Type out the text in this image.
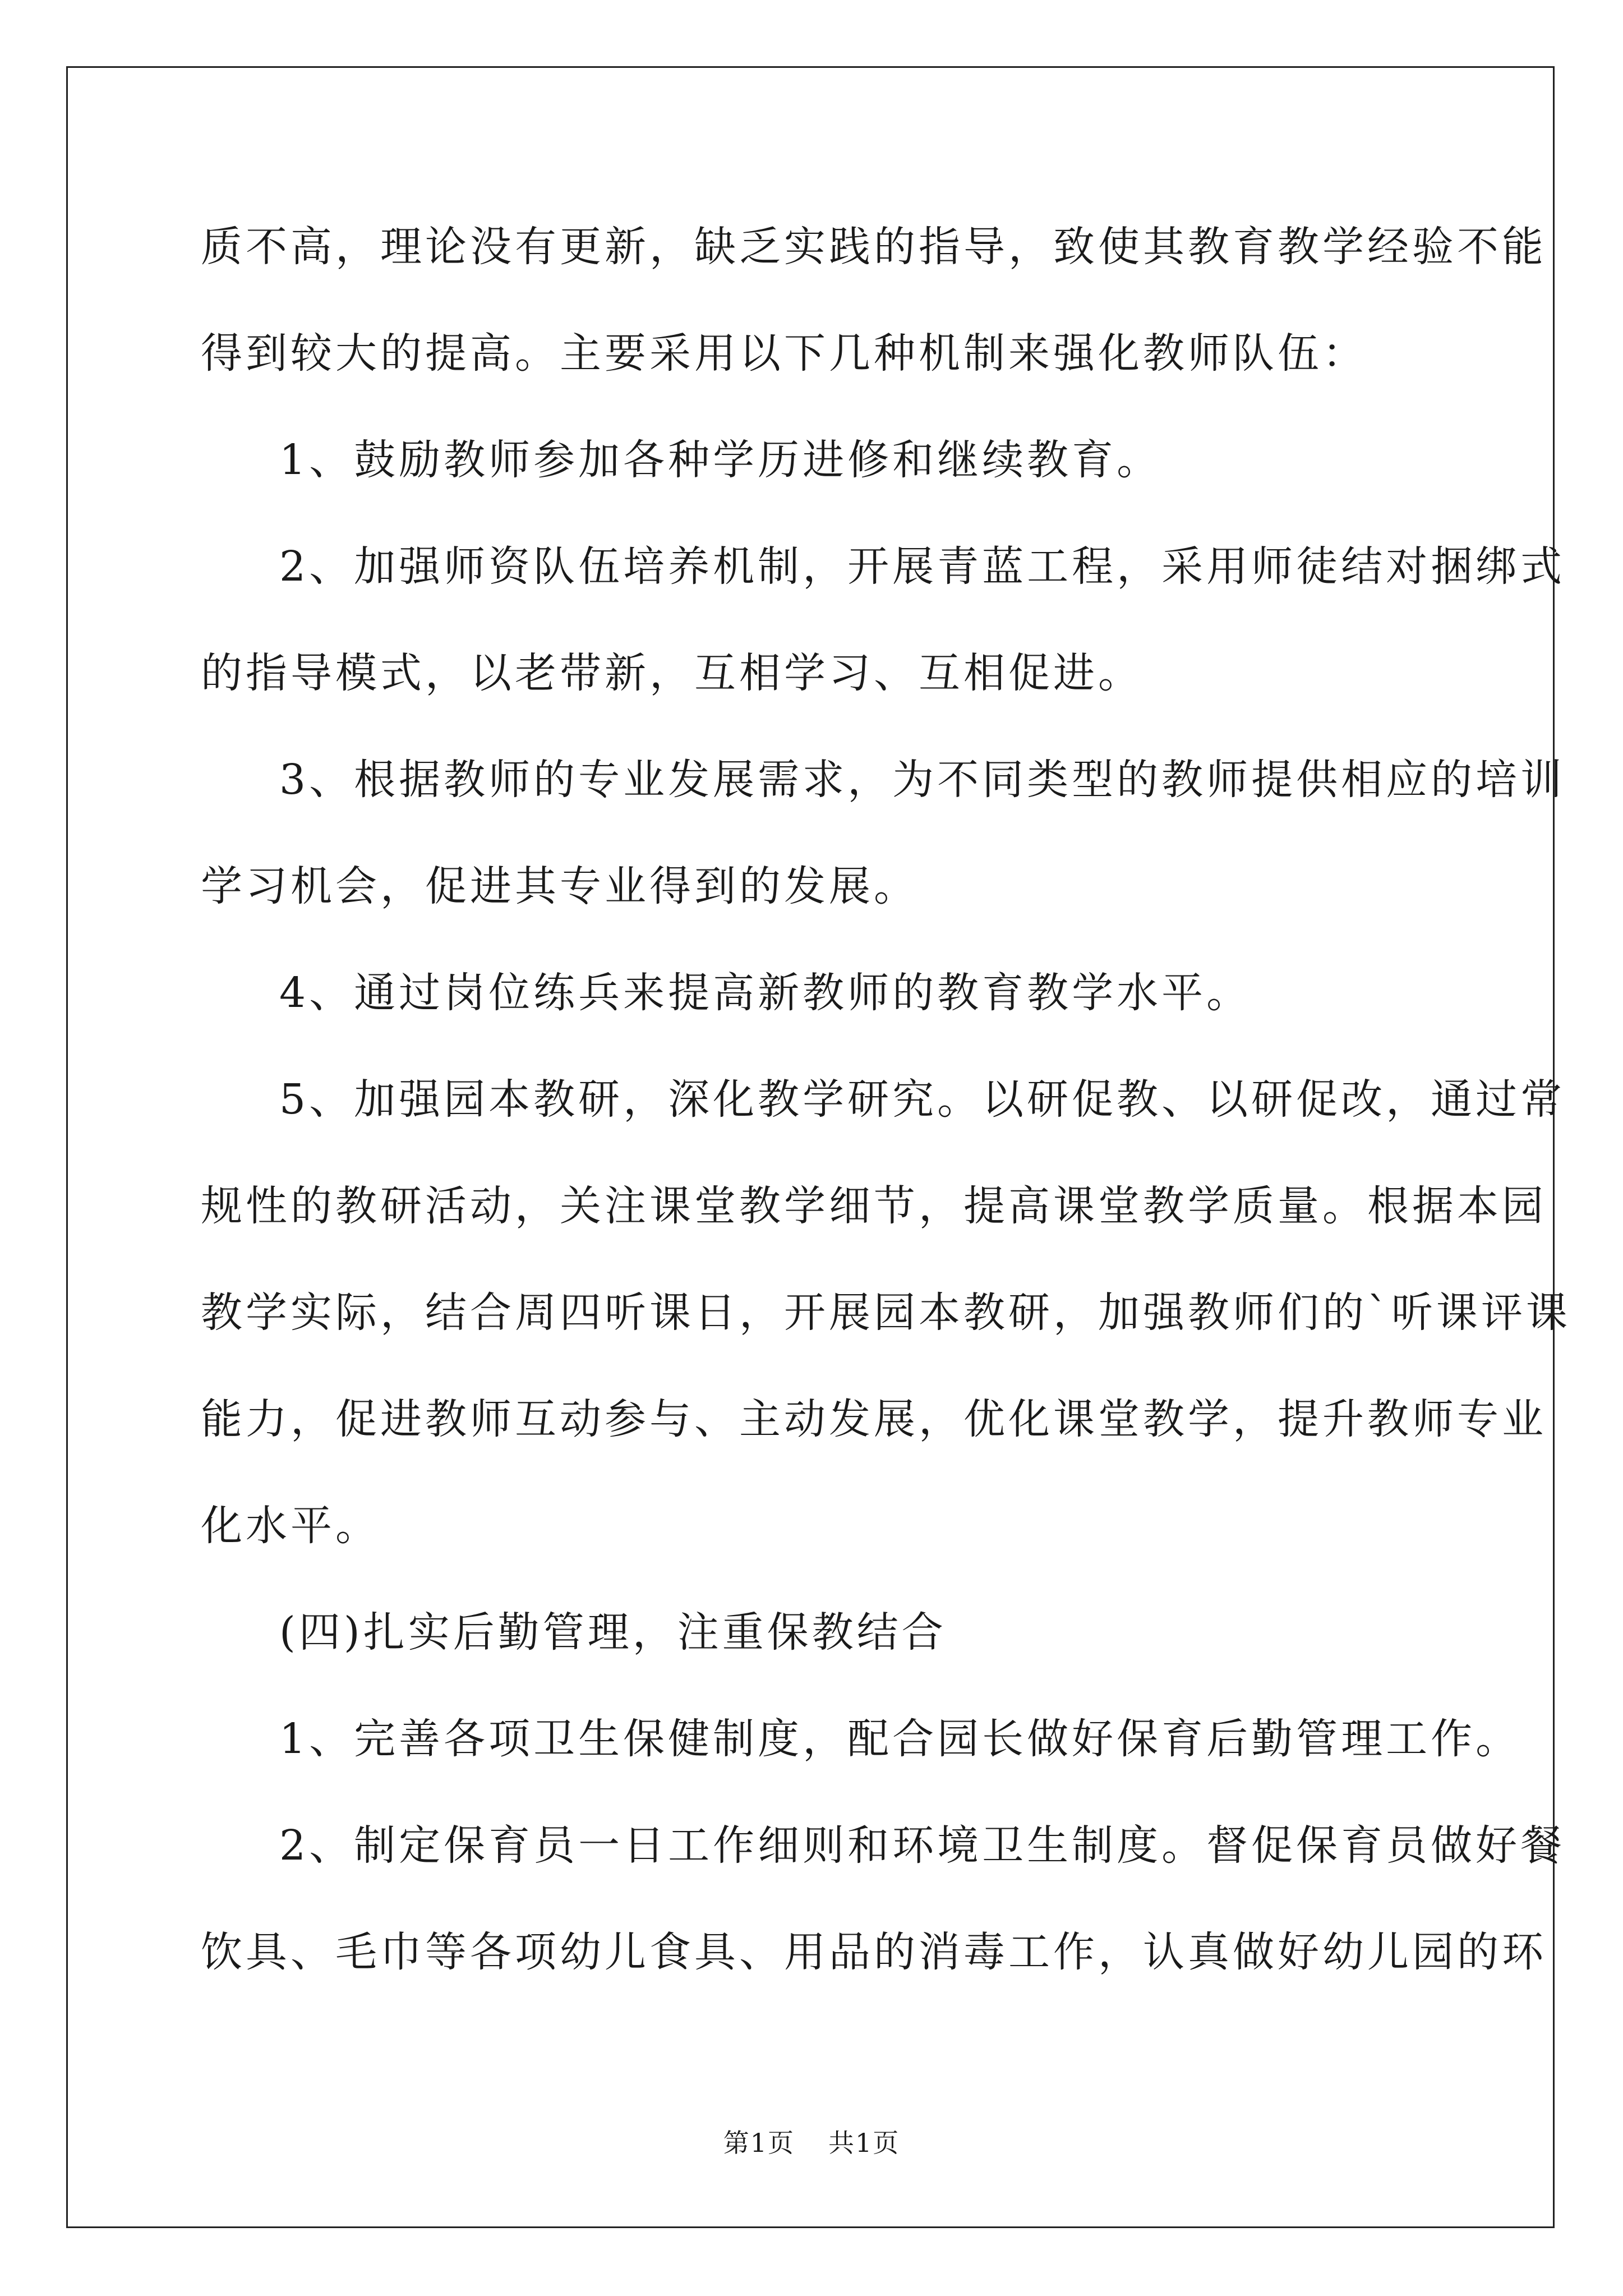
质不高，理论没有更新，缺乏实践的指导，致使其教育教学经验不能
得到较大的提高。主要采用以下几种机制来强化教师队伍：
1、鼓励教师参加各种学历进修和继续教育。
2、加强师资队伍培养机制，开展青蓝工程，采用师徒结对捆绑式
的指导模式，以老带新，互相学习、互相促进。
3、根据教师的专业发展需求，为不同类型的教师提供相应的培训
学习机会，促进其专业得到的发展。
4、通过岗位练兵来提高新教师的教育教学水平。
5、加强园本教研，深化教学研究。以研促教、以研促改，通过常
规性的教研活动，关注课堂教学细节，提高课堂教学质量。根据本园
教学实际，结合周四听课日，开展园本教研，加强教师们的`听课评课
能力，促进教师互动参与、主动发展，优化课堂教学，提升教师专业
化水平。
(四)扎实后勤管理，注重保教结合
1、完善各项卫生保健制度，配合园长做好保育后勤管理工作。
2、制定保育员一日工作细则和环境卫生制度。督促保育员做好餐
饮具、毛巾等各项幼儿食具、用品的消毒工作，认真做好幼儿园的环
第1页 共1页
